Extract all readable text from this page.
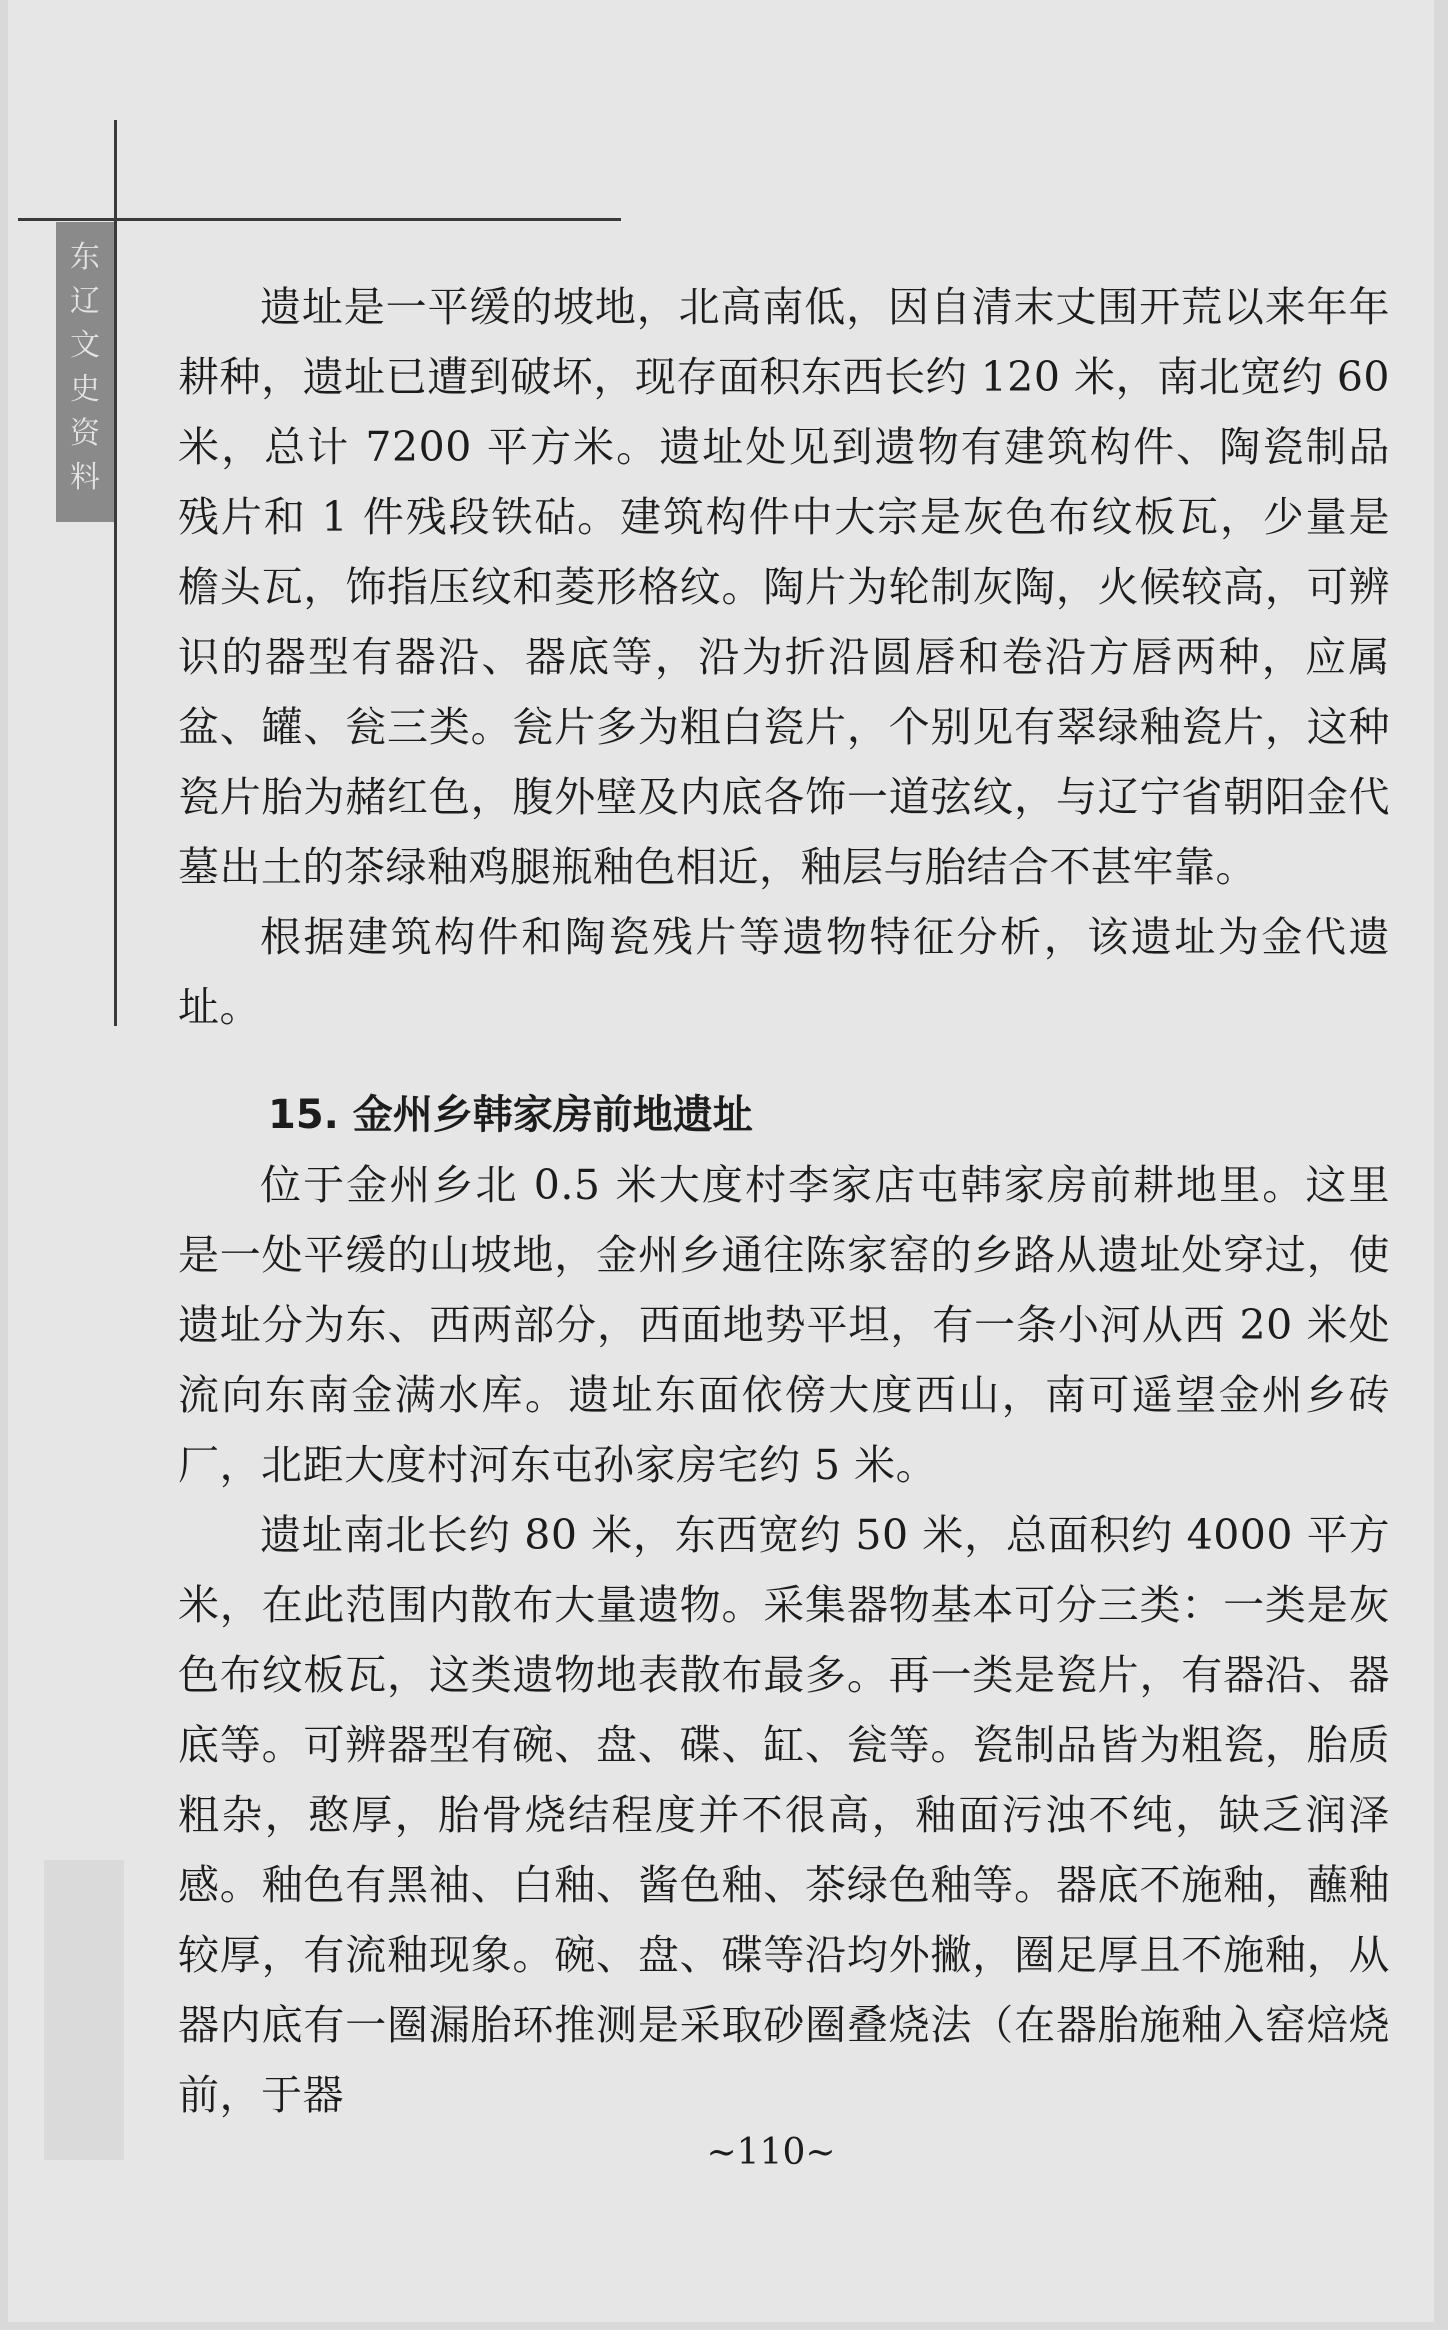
东
辽
文
史
资
料

遗址是一平缓的坡地，北高南低，因自清末丈围开荒以来年年耕种，遗址已遭到破坏，现存面积东西长约 120 米，南北宽约 60 米，总计 7200 平方米。遗址处见到遗物有建筑构件、陶瓷制品残片和 1 件残段铁砧。建筑构件中大宗是灰色布纹板瓦，少量是檐头瓦，饰指压纹和菱形格纹。陶片为轮制灰陶，火候较高，可辨识的器型有器沿、器底等，沿为折沿圆唇和卷沿方唇两种，应属盆、罐、瓮三类。瓮片多为粗白瓷片，个别见有翠绿釉瓷片，这种瓷片胎为赭红色，腹外壁及内底各饰一道弦纹，与辽宁省朝阳金代墓出土的茶绿釉鸡腿瓶釉色相近，釉层与胎结合不甚牢靠。

根据建筑构件和陶瓷残片等遗物特征分析，该遗址为金代遗址。

15. 金州乡韩家房前地遗址

位于金州乡北 0.5 米大度村李家店屯韩家房前耕地里。这里是一处平缓的山坡地，金州乡通往陈家窑的乡路从遗址处穿过，使遗址分为东、西两部分，西面地势平坦，有一条小河从西 20 米处流向东南金满水库。遗址东面依傍大度西山，南可遥望金州乡砖厂，北距大度村河东屯孙家房宅约 5 米。

遗址南北长约 80 米，东西宽约 50 米，总面积约 4000 平方米，在此范围内散布大量遗物。采集器物基本可分三类：一类是灰色布纹板瓦，这类遗物地表散布最多。再一类是瓷片，有器沿、器底等。可辨器型有碗、盘、碟、缸、瓮等。瓷制品皆为粗瓷，胎质粗杂，憨厚，胎骨烧结程度并不很高，釉面污浊不纯，缺乏润泽感。釉色有黑袖、白釉、酱色釉、茶绿色釉等。器底不施釉，蘸釉较厚，有流釉现象。碗、盘、碟等沿均外撇，圈足厚且不施釉，从器内底有一圈漏胎环推测是采取砂圈叠烧法（在器胎施釉入窑焙烧前，于器

~110~
